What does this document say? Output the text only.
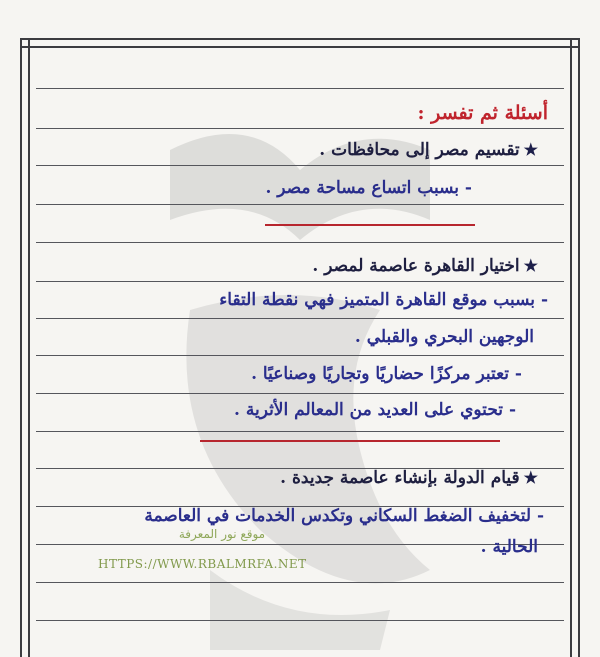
أسئلة ثم تفسر :
★تقسيم مصر إلى محافظات .
- بسبب اتساع مساحة مصر .
★اختيار القاهرة عاصمة لمصر .
- بسبب موقع القاهرة المتميز فهي نقطة التقاء
الوجهين البحري والقبلي .
- تعتبر مركزًا حضاريًا وتجاريًا وصناعيًا .
- تحتوي على العديد من المعالم الأثرية .
★قيام الدولة بإنشاء عاصمة جديدة .
- لتخفيف الضغط السكاني وتكدس الخدمات في العاصمة
الحالية .
موقع نور المعرفة
HTTPS://WWW.RBALMRFA.NET
